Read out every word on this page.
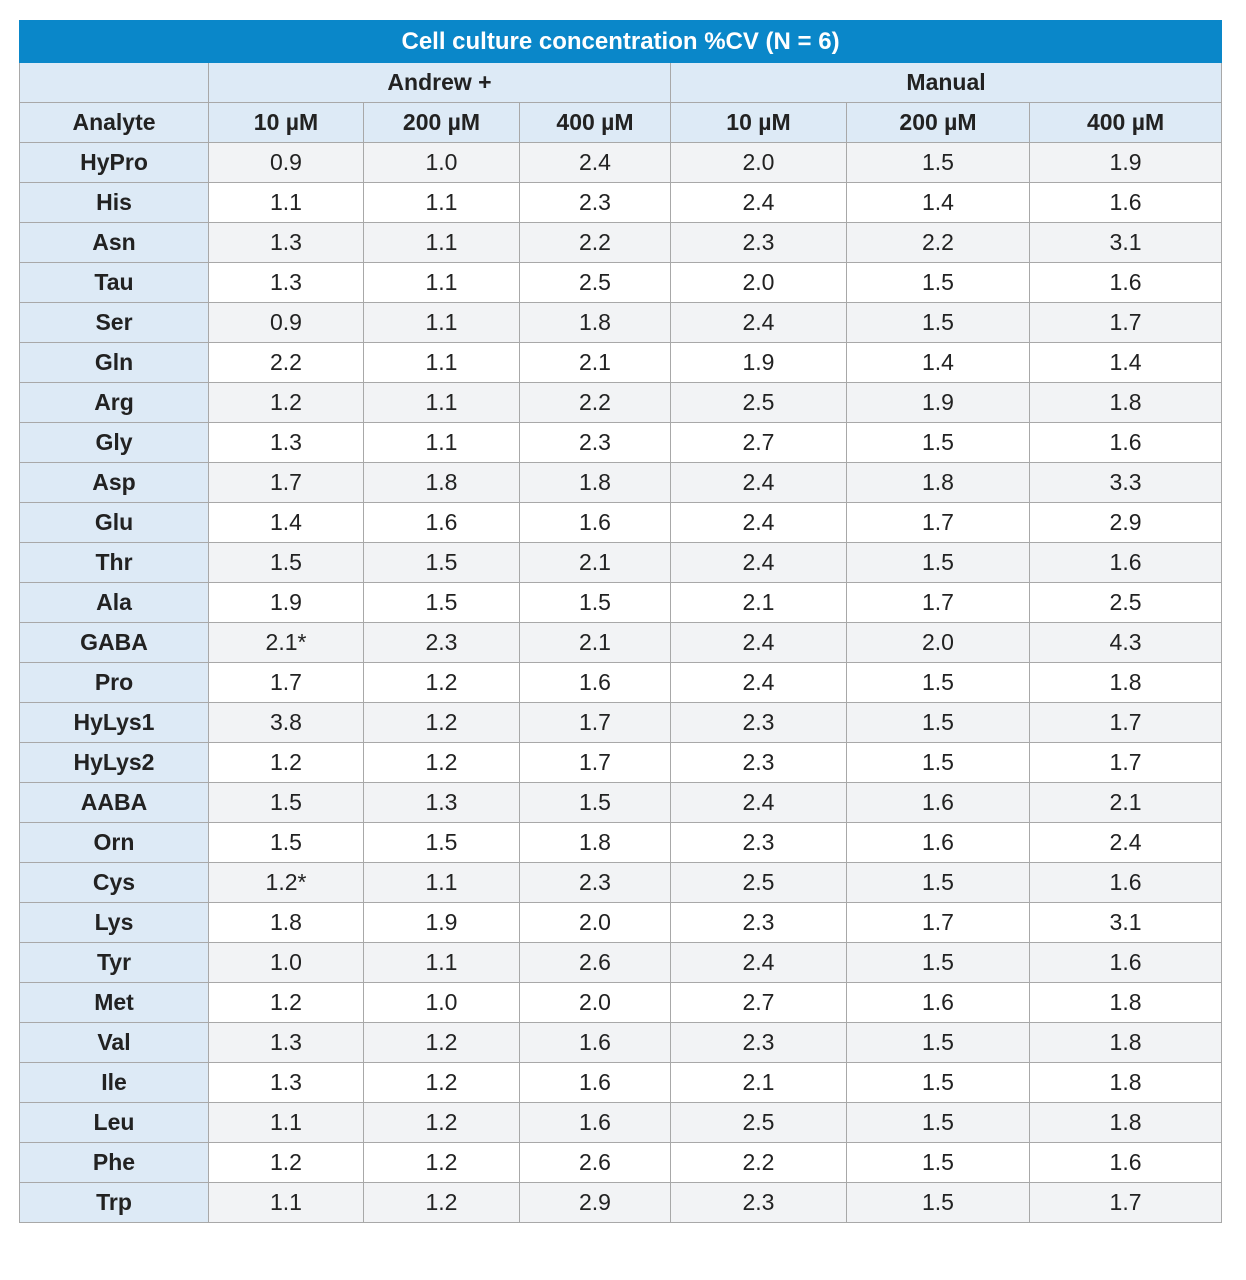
Cell culture concentration %CV (N = 6)						
	Andrew +			Manual		
Analyte	10 µM	200 µM	400 µM	10 µM	200 µM	400 µM
HyPro	0.9	1.0	2.4	2.0	1.5	1.9
His	1.1	1.1	2.3	2.4	1.4	1.6
Asn	1.3	1.1	2.2	2.3	2.2	3.1
Tau	1.3	1.1	2.5	2.0	1.5	1.6
Ser	0.9	1.1	1.8	2.4	1.5	1.7
Gln	2.2	1.1	2.1	1.9	1.4	1.4
Arg	1.2	1.1	2.2	2.5	1.9	1.8
Gly	1.3	1.1	2.3	2.7	1.5	1.6
Asp	1.7	1.8	1.8	2.4	1.8	3.3
Glu	1.4	1.6	1.6	2.4	1.7	2.9
Thr	1.5	1.5	2.1	2.4	1.5	1.6
Ala	1.9	1.5	1.5	2.1	1.7	2.5
GABA	2.1*	2.3	2.1	2.4	2.0	4.3
Pro	1.7	1.2	1.6	2.4	1.5	1.8
HyLys1	3.8	1.2	1.7	2.3	1.5	1.7
HyLys2	1.2	1.2	1.7	2.3	1.5	1.7
AABA	1.5	1.3	1.5	2.4	1.6	2.1
Orn	1.5	1.5	1.8	2.3	1.6	2.4
Cys	1.2*	1.1	2.3	2.5	1.5	1.6
Lys	1.8	1.9	2.0	2.3	1.7	3.1
Tyr	1.0	1.1	2.6	2.4	1.5	1.6
Met	1.2	1.0	2.0	2.7	1.6	1.8
Val	1.3	1.2	1.6	2.3	1.5	1.8
Ile	1.3	1.2	1.6	2.1	1.5	1.8
Leu	1.1	1.2	1.6	2.5	1.5	1.8
Phe	1.2	1.2	2.6	2.2	1.5	1.6
Trp	1.1	1.2	2.9	2.3	1.5	1.7
